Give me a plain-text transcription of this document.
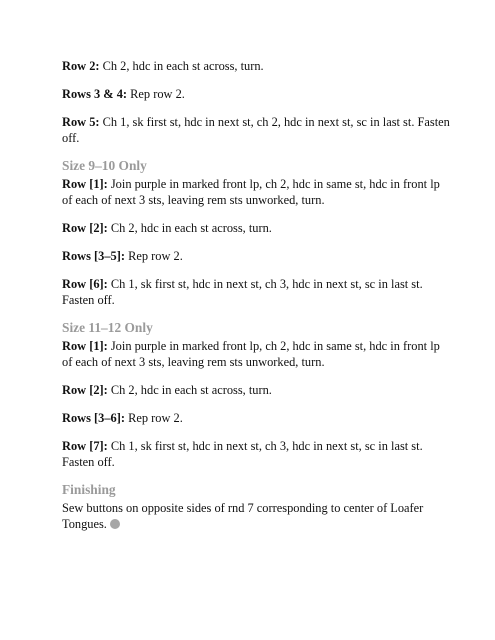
Row 2: Ch 2, hdc in each st across, turn.

Rows 3 & 4: Rep row 2.

Row 5: Ch 1, sk first st, hdc in next st, ch 2, hdc in next st, sc in last st. Fasten off.

Size 9–10 Only

Row [1]: Join purple in marked front lp, ch 2, hdc in same st, hdc in front lp of each of next 3 sts, leaving rem sts unworked, turn.

Row [2]: Ch 2, hdc in each st across, turn.

Rows [3–5]: Rep row 2.

Row [6]: Ch 1, sk first st, hdc in next st, ch 3, hdc in next st, sc in last st. Fasten off.

Size 11–12 Only

Row [1]: Join purple in marked front lp, ch 2, hdc in same st, hdc in front lp of each of next 3 sts, leaving rem sts unworked, turn.

Row [2]: Ch 2, hdc in each st across, turn.

Rows [3–6]: Rep row 2.

Row [7]: Ch 1, sk first st, hdc in next st, ch 3, hdc in next st, sc in last st. Fasten off.

Finishing

Sew buttons on opposite sides of rnd 7 corresponding to center of Loafer Tongues.
